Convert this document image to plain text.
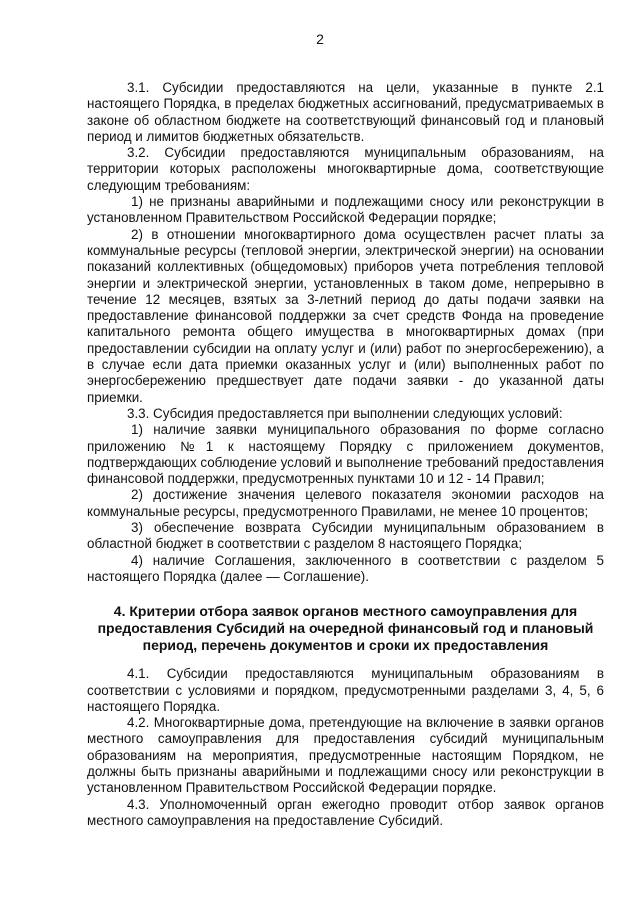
2

3.1. Субсидии предоставляются на цели, указанные в пункте 2.1 настоящего Порядка, в пределах бюджетных ассигнований, предусматриваемых в законе об областном бюджете на соответствующий финансовый год и плановый период и лимитов бюджетных обязательств.

3.2. Субсидии предоставляются муниципальным образованиям, на территории которых расположены многоквартирные дома, соответствующие следующим требованиям:

1) не признаны аварийными и подлежащими сносу или реконструкции в установленном Правительством Российской Федерации порядке;

2) в отношении многоквартирного дома осуществлен расчет платы за коммунальные ресурсы (тепловой энергии, электрической энергии) на основании показаний коллективных (общедомовых) приборов учета потребления тепловой энергии и электрической энергии, установленных в таком доме, непрерывно в течение 12 месяцев, взятых за 3-летний период до даты подачи заявки на предоставление финансовой поддержки за счет средств Фонда на проведение капитального ремонта общего имущества в многоквартирных домах (при предоставлении субсидии на оплату услуг и (или) работ по энергосбережению), а в случае если дата приемки оказанных услуг и (или) выполненных работ по энергосбережению предшествует дате подачи заявки - до указанной даты приемки.

3.3. Субсидия предоставляется при выполнении следующих условий:

1) наличие заявки муниципального образования по форме согласно приложению №1 к настоящему Порядку с приложением документов, подтверждающих соблюдение условий и выполнение требований предоставления финансовой поддержки, предусмотренных пунктами 10 и 12 - 14 Правил;

2) достижение значения целевого показателя экономии расходов на коммунальные ресурсы, предусмотренного Правилами, не менее 10 процентов;

3) обеспечение возврата Субсидии муниципальным образованием в областной бюджет в соответствии с разделом 8 настоящего Порядка;

4) наличие Соглашения, заключенного в соответствии с разделом 5 настоящего Порядка (далее — Соглашение).

4. Критерии отбора заявок органов местного самоуправления для предоставления Субсидий на очередной финансовый год и плановый период, перечень документов и сроки их предоставления

4.1. Субсидии предоставляются муниципальным образованиям в соответствии с условиями и порядком, предусмотренными разделами 3, 4, 5, 6 настоящего Порядка.

4.2. Многоквартирные дома, претендующие на включение в заявки органов местного самоуправления для предоставления субсидий муниципальным образованиям на мероприятия, предусмотренные настоящим Порядком, не должны быть признаны аварийными и подлежащими сносу или реконструкции в установленном Правительством Российской Федерации порядке.

4.3. Уполномоченный орган ежегодно проводит отбор заявок органов местного самоуправления на предоставление Субсидий.
